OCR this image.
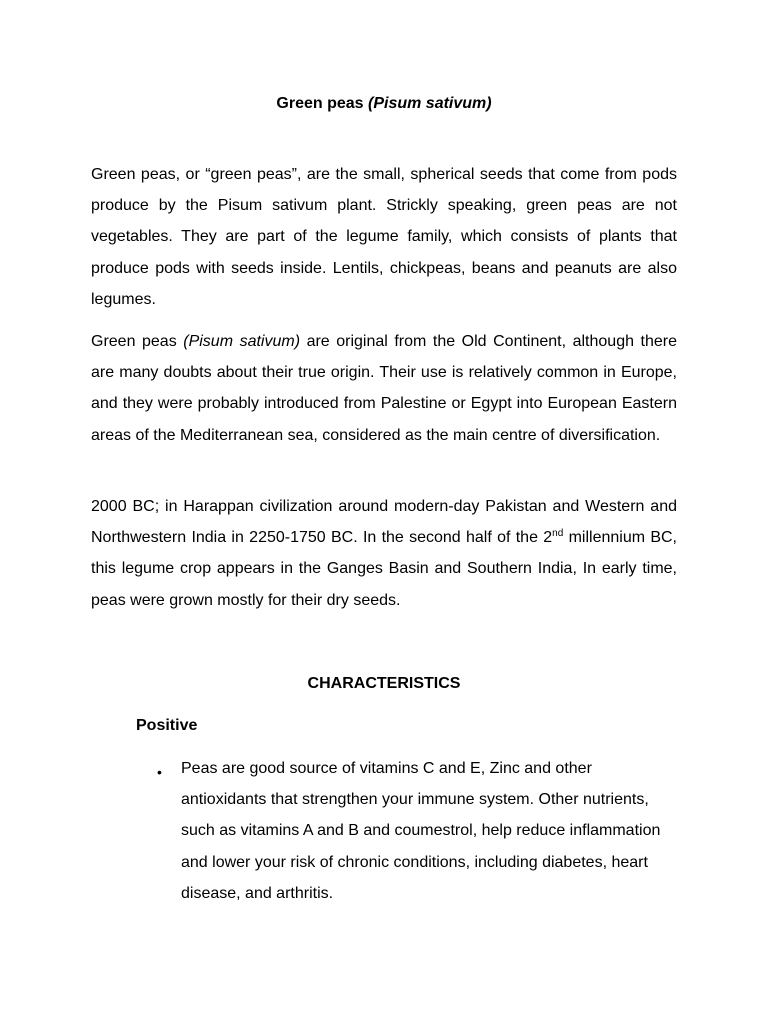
Green peas (Pisum sativum)

Green peas, or “green peas”, are the small, spherical seeds that come from pods produce by the Pisum sativum plant. Strickly speaking, green peas are not vegetables. They are part of the legume family, which consists of plants that produce pods with seeds inside. Lentils, chickpeas, beans and peanuts are also legumes.

Green peas (Pisum sativum) are original from the Old Continent, although there are many doubts about their true origin. Their use is relatively common in Europe, and they were probably introduced from Palestine or Egypt into European Eastern areas of the Mediterranean sea, considered as the main centre of diversification.

2000 BC; in Harappan civilization around modern-day Pakistan and Western and Northwestern India in 2250-1750 BC. In the second half of the 2nd millennium BC, this legume crop appears in the Ganges Basin and Southern India, In early time, peas were grown mostly for their dry seeds.

CHARACTERISTICS
Positive
• Peas are good source of vitamins C and E, Zinc and other antioxidants that strengthen your immune system. Other nutrients, such as vitamins A and B and coumestrol, help reduce inflammation and lower your risk of chronic conditions, including diabetes, heart disease, and arthritis.
